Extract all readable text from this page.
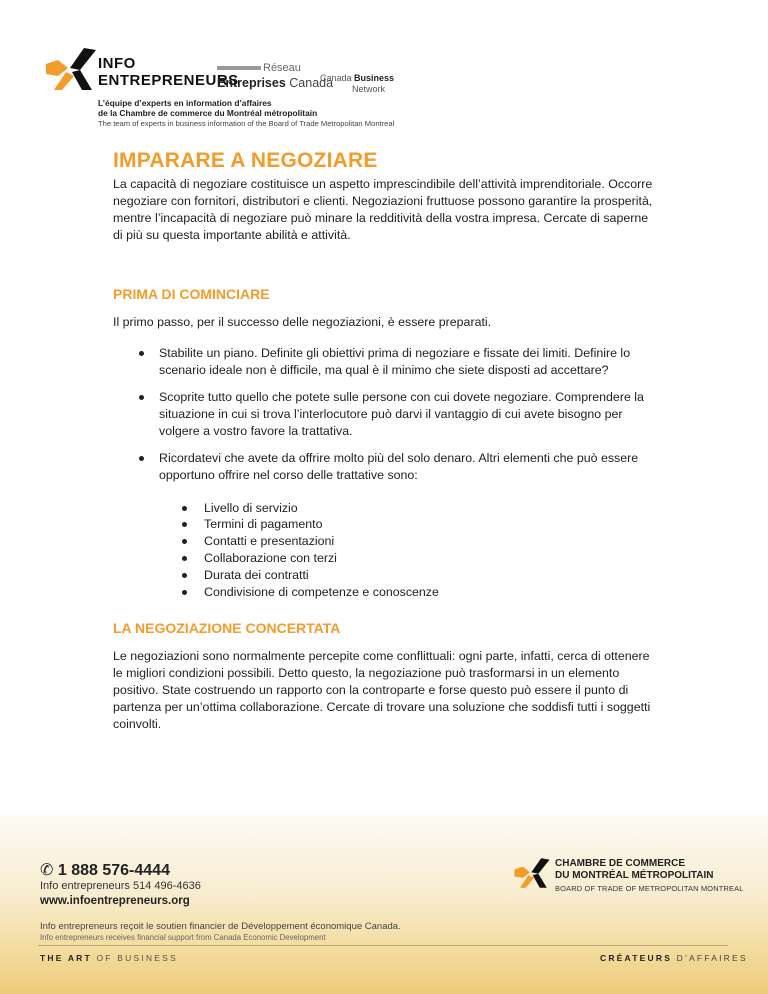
INFO
ENTREPRENEURS
Réseau
Entreprises Canada
Canada Business
Network
L’équipe d’experts en information d’affaires
de la Chambre de commerce du Montréal métropolitain
The team of experts in business information of the Board of Trade Metropolitan Montreal
IMPARARE A NEGOZIARE

La capacità di negoziare costituisce un aspetto imprescindibile dell’attività imprenditoriale. Occorre negoziare con fornitori, distributori e clienti. Negoziazioni fruttuose possono garantire la prosperità, mentre l’incapacità di negoziare può minare la redditività della vostra impresa. Cercate di saperne di più su questa importante abilità e attività.

PRIMA DI COMINCIARE

Il primo passo, per il successo delle negoziazioni, è essere preparati.

Stabilite un piano. Definite gli obiettivi prima di negoziare e fissate dei limiti. Definire lo scenario ideale non è difficile, ma qual è il minimo che siete disposti ad accettare?
Scoprite tutto quello che potete sulle persone con cui dovete negoziare. Comprendere la situazione in cui si trova l’interlocutore può darvi il vantaggio di cui avete bisogno per volgere a vostro favore la trattativa.
Ricordatevi che avete da offrire molto più del solo denaro. Altri elementi che può essere opportuno offrire nel corso delle trattative sono:
Livello di servizio
Termini di pagamento
Contatti e presentazioni
Collaborazione con terzi
Durata dei contratti
Condivisione di competenze e conoscenze
LA NEGOZIAZIONE CONCERTATA

Le negoziazioni sono normalmente percepite come conflittuali: ogni parte, infatti, cerca di ottenere le migliori condizioni possibili. Detto questo, la negoziazione può trasformarsi in un elemento positivo. State costruendo un rapporto con la controparte e forse questo può essere il punto di partenza per un’ottima collaborazione. Cercate di trovare una soluzione che soddisfi tutti i soggetti coinvolti.

✆ 1 888 576-4444
Info entrepreneurs 514 496-4636
www.infoentrepreneurs.org
Info entrepreneurs reçoit le soutien financier de Développement économique Canada.
Info entrepreneurs receives financial support from Canada Economic Development
THE ART OF BUSINESS	CRÉATEURS D’AFFAIRES
CHAMBRE DE COMMERCE
DU MONTRÉAL MÉTROPOLITAIN
BOARD OF TRADE OF METROPOLITAN MONTREAL
